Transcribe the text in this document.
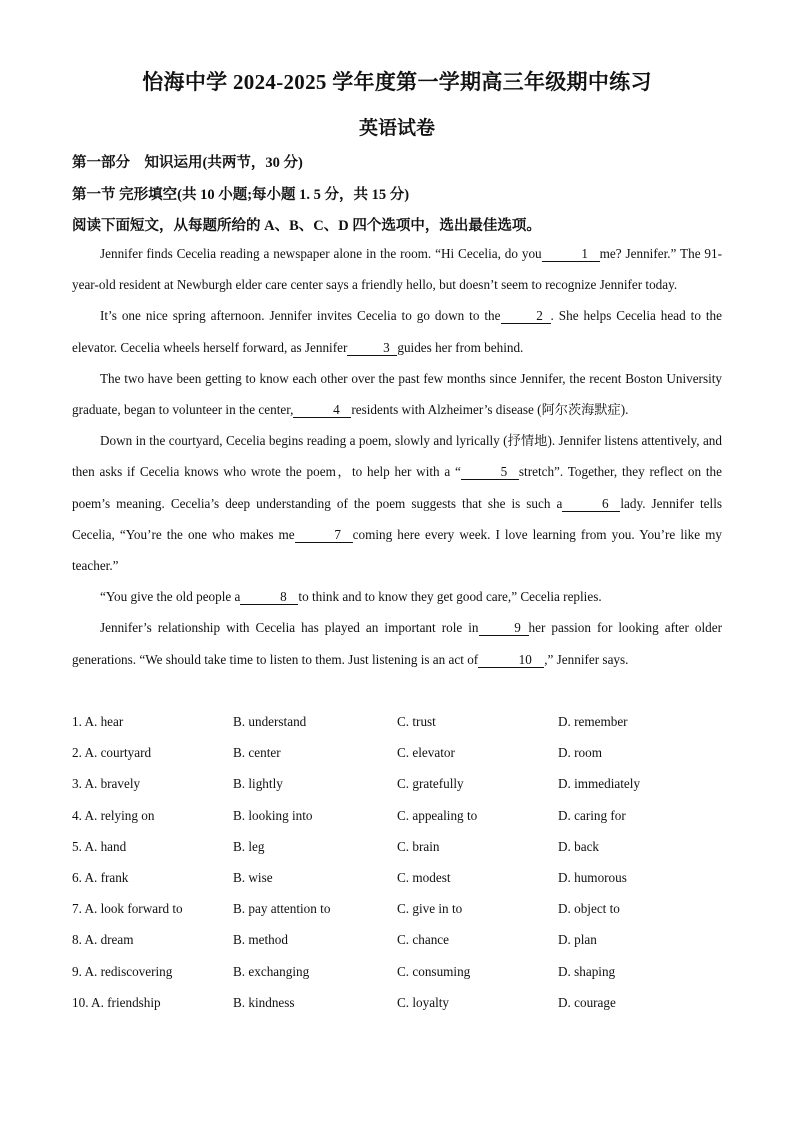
怡海中学 2024-2025 学年度第一学期高三年级期中练习
英语试卷
第一部分　知识运用(共两节，30 分)
第一节 完形填空(共 10 小题;每小题 1. 5 分，共 15 分)
阅读下面短文，从每题所给的 A、B、C、D 四个选项中，选出最佳选项。

Jennifer finds Cecelia reading a newspaper alone in the room. “Hi Cecelia, do you	1 me? Jennifer.” The 91-year-old resident at Newburgh elder care center says a friendly hello, but doesn’t seem to recognize Jennifer today.

It’s one nice spring afternoon. Jennifer invites Cecelia to go down to the	2 . She helps Cecelia head to the elevator. Cecelia wheels herself forward, as Jennifer	3 guides her from behind.

The two have been getting to know each other over the past few months since Jennifer, the recent Boston University graduate, began to volunteer in the center,	4 residents with Alzheimer’s disease (阿尔茨海默症).

Down in the courtyard, Cecelia begins reading a poem, slowly and lyrically (抒情地). Jennifer listens attentively, and then asks if Cecelia knows who wrote the poem，to help her with a “	5 stretch”. Together, they reflect on the poem’s meaning. Cecelia’s deep understanding of the poem suggests that she is such a	6 lady. Jennifer tells Cecelia, “You’re the one who makes me	7 coming here every week. I love learning from you. You’re like my teacher.”

“You give the old people a	8 to think and to know they get good care,” Cecelia replies.

Jennifer’s relationship with Cecelia has played an important role in	9 her passion for looking after older generations. “We should take time to listen to them. Just listening is an act of	10 ,” Jennifer says.

1. A. hear	B. understand	C. trust	D. remember
2. A. courtyard	B. center	C. elevator	D. room
3. A. bravely	B. lightly	C. gratefully	D. immediately
4. A. relying on	B. looking into	C. appealing to	D. caring for
5. A. hand	B. leg	C. brain	D. back
6. A. frank	B. wise	C. modest	D. humorous
7. A. look forward to	B. pay attention to	C. give in to	D. object to
8. A. dream	B. method	C. chance	D. plan
9. A. rediscovering	B. exchanging	C. consuming	D. shaping
10. A. friendship	B. kindness	C. loyalty	D. courage
